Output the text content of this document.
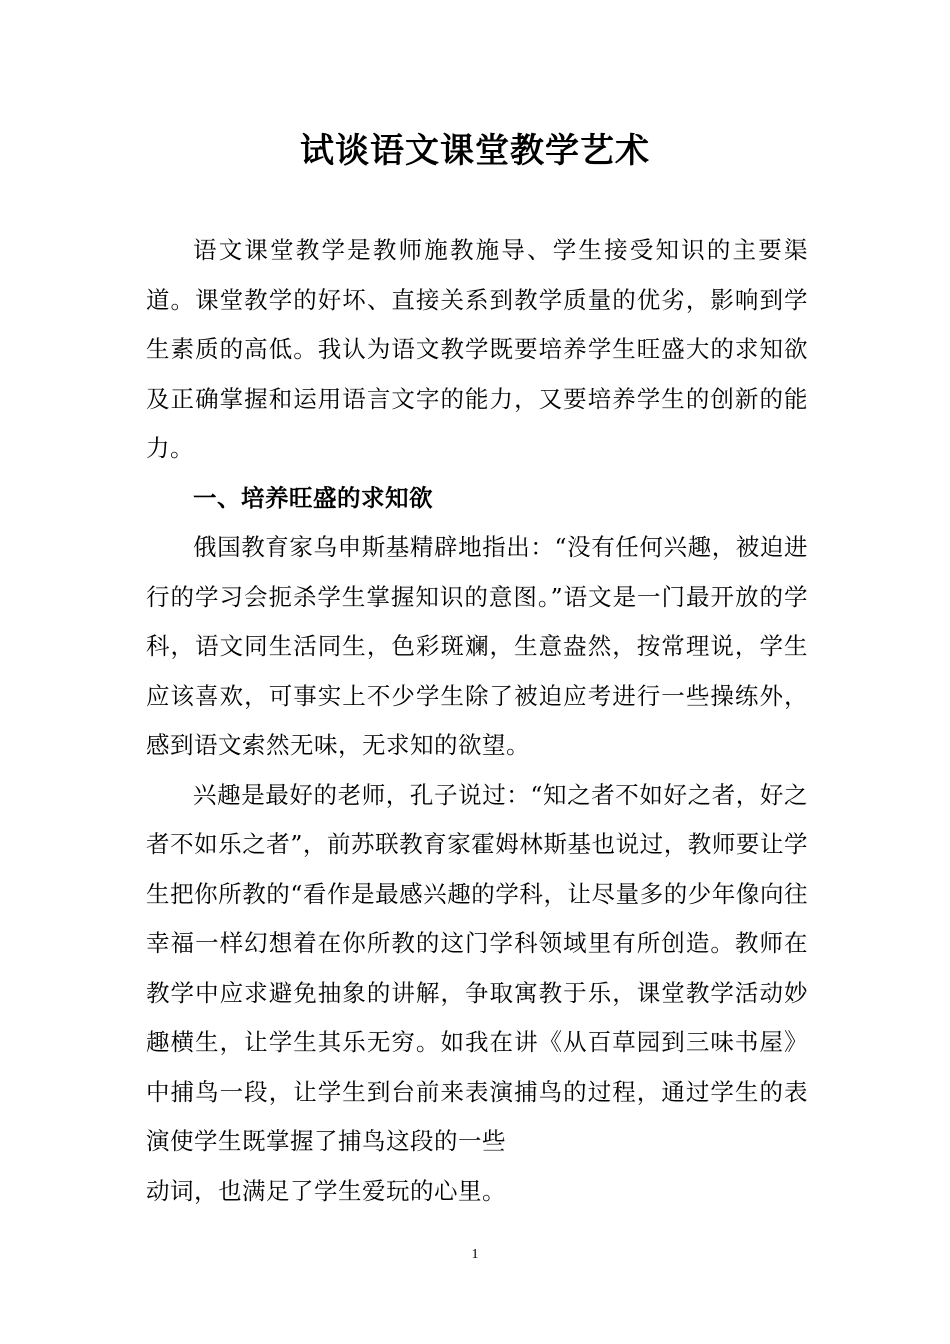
试谈语文课堂教学艺术

语文课堂教学是教师施教施导、学生接受知识的主要渠道。课堂教学的好坏、直接关系到教学质量的优劣，影响到学生素质的高低。我认为语文教学既要培养学生旺盛大的求知欲及正确掌握和运用语言文字的能力，又要培养学生的创新的能力。

一、培养旺盛的求知欲

俄国教育家乌申斯基精辟地指出：“没有任何兴趣，被迫进行的学习会扼杀学生掌握知识的意图。”语文是一门最开放的学科，语文同生活同生，色彩斑斓，生意盎然，按常理说，学生应该喜欢，可事实上不少学生除了被迫应考进行一些操练外，感到语文索然无味，无求知的欲望。

兴趣是最好的老师，孔子说过：“知之者不如好之者，好之者不如乐之者”，前苏联教育家霍姆林斯基也说过，教师要让学生把你所教的“看作是最感兴趣的学科，让尽量多的少年像向往幸福一样幻想着在你所教的这门学科领域里有所创造。教师在教学中应求避免抽象的讲解，争取寓教于乐，课堂教学活动妙趣横生，让学生其乐无穷。如我在讲《从百草园到三味书屋》中捕鸟一段，让学生到台前来表演捕鸟的过程，通过学生的表演使学生既掌握了捕鸟这段的一些

动词，也满足了学生爱玩的心里。

1
